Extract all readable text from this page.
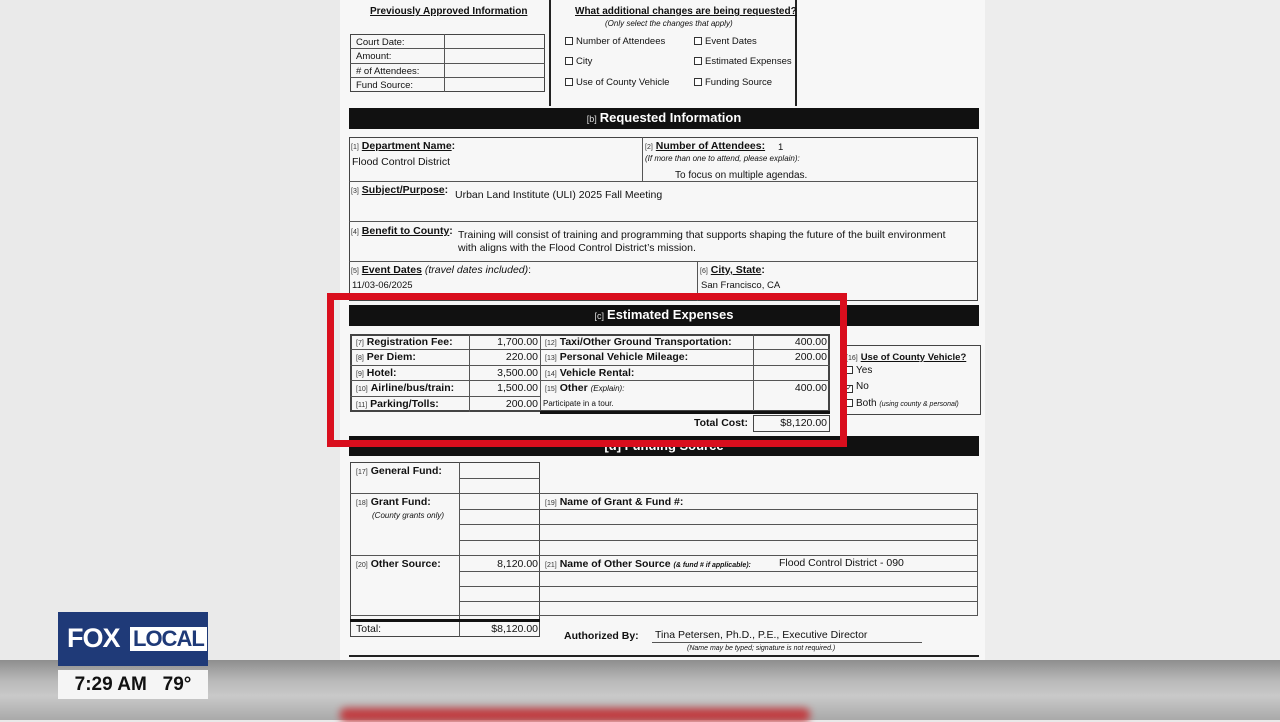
Previously Approved Information
Court Date:
Amount:
# of Attendees:
Fund Source:
What additional changes are being requested?
(Only select the changes that apply)
Number of Attendees
City
Use of County Vehicle
Event Dates
Estimated Expenses
Funding Source
[b] Requested Information
[1] Department Name:
Flood Control District
[2] Number of Attendees: 1
(If more than one to attend, please explain):
To focus on multiple agendas.
[3] Subject/Purpose: Urban Land Institute (ULI) 2025 Fall Meeting
[4] Benefit to County: Training will consist of training and programming that supports shaping the future of the built environment
with aligns with the Flood Control District’s mission.
[5] Event Dates (travel dates included):
11/03-06/2025
[6] City, State:
San Francisco, CA
[c] Estimated Expenses
[7] Registration Fee:	1,700.00
[8] Per Diem:	220.00
[9] Hotel:	3,500.00
[10] Airline/bus/train:	1,500.00
[11] Parking/Tolls:	200.00
[12] Taxi/Other Ground Transportation:	400.00
[13] Personal Vehicle Mileage:	200.00
[14] Vehicle Rental:
[15] Other (Explain):	400.00
Participate in a tour.
Total Cost:	$8,120.00
[16] Use of County Vehicle?
Yes
✓ No
Both (using county & personal)
[d] Funding Source
[17] General Fund:
[18] Grant Fund:
(County grants only)
[19] Name of Grant & Fund #:
[20] Other Source:	8,120.00 [21] Name of Other Source (& fund # if applicable):	Flood Control District - 090
Total:	$8,120.00
Authorized By: Tina Petersen, Ph.D., P.E., Executive Director
(Name may be typed; signature is not required.)
FOX LOCAL
7:29 AM 79°
